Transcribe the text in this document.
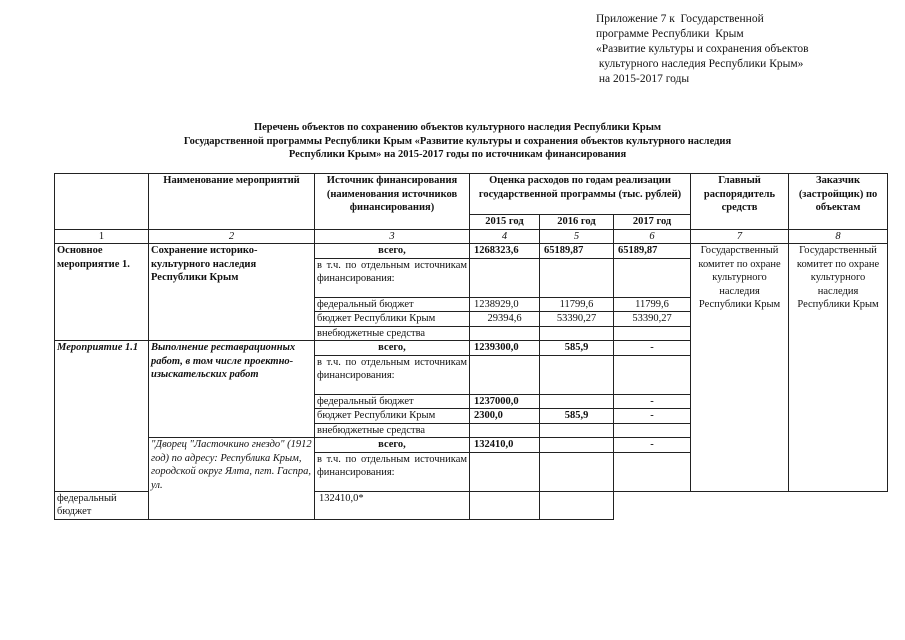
Приложение 7 к  Государственной
программе Республики  Крым
«Развитие культуры и сохранения объектов
культурного наследия Республики Крым»
на 2015-2017 годы
Перечень объектов по сохранению объектов культурного наследия Республики Крым
Государственной программы Республики Крым «Развитие культуры и сохранения объектов культурного наследия
Республики Крым» на 2015-2017 годы по источникам финансирования
	Наименование мероприятий	Источник финансирования (наименования источников финансирования)	Оценка расходов по годам реализации государственной программы (тыс. рублей)			Главный распорядитель средств	Заказчик (застройщик) по объектам
			2015 год	2016 год	2017 год		
1	2	3	4	5	6	7	8
Основное мероприятие 1.	Сохранение историко-культурного наследия Республики Крым	всего,	1268323,6	65189,87	65189,87	Государственный комитет по охране культурного наследия Республики Крым	Государственный комитет по охране культурного наследия Республики Крым
		в т.ч. по отдельным источникам финансирования:					
		федеральный бюджет	1238929,0	11799,6	11799,6		
		бюджет Республики Крым	29394,6	53390,27	53390,27		
		внебюджетные средства					
Мероприятие 1.1	Выполнение реставрационных работ, в том числе проектно-изыскательских работ	всего,	1239300,0	585,9	-		
		в т.ч. по отдельным источникам финансирования:					
		федеральный бюджет	1237000,0		-		
		бюджет Республики Крым	2300,0	585,9	-		
		внебюджетные средства					
	"Дворец "Ласточкино гнездо" (1912 год) по адресу: Республика Крым, городской округ Ялта, пгт. Гаспра, ул.	всего,	132410,0		-		
		в т.ч. по отдельным источникам финансирования:					
федеральный бюджет		132410,0*					
